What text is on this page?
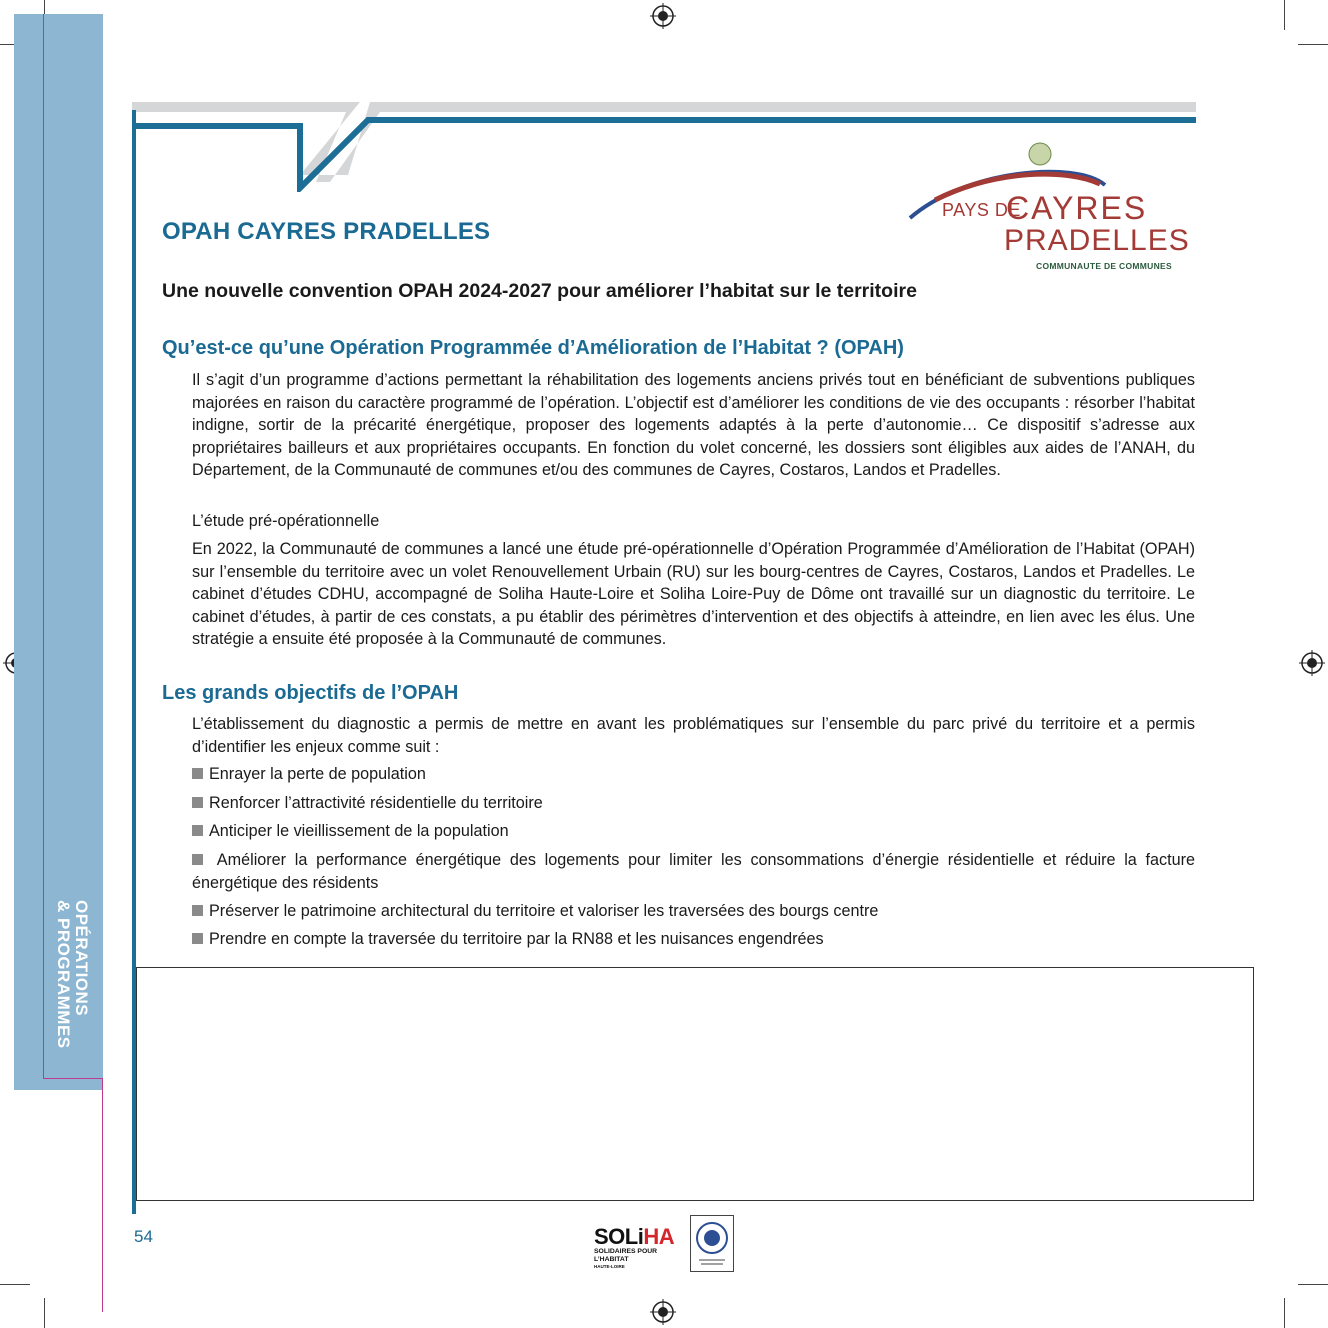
OPÉRATIONS
& PROGRAMMES
PAYS DE
CAYRES
PRADELLES
COMMUNAUTE DE COMMUNES
OPAH CAYRES PRADELLES
Une nouvelle convention OPAH 2024-2027 pour améliorer l’habitat sur le territoire
Qu’est-ce qu’une Opération Programmée d’Amélioration de l’Habitat ? (OPAH)
Il s’agit d’un programme d’actions permettant la réhabilitation des logements anciens privés tout en bénéficiant de subventions publiques majorées en raison du caractère programmé de l’opération. L’objectif est d’améliorer les conditions de vie des occupants : résorber l’habitat indigne, sortir de la précarité énergétique, proposer des logements adaptés à la perte d’autonomie… Ce dispositif s’adresse aux propriétaires bailleurs et aux propriétaires occupants. En fonction du volet concerné, les dossiers sont éligibles aux aides de l’ANAH, du Département, de la Communauté de communes et/ou des communes de Cayres, Costaros, Landos et Pradelles.
L’étude pré-opérationnelle
En 2022, la Communauté de communes a lancé une étude pré-opérationnelle d’Opération Programmée d’Amélioration de l’Habitat (OPAH) sur l’ensemble du territoire avec un volet Renouvellement Urbain (RU) sur les bourg-centres de Cayres, Costaros, Landos et Pradelles. Le cabinet d’études CDHU, accompagné de Soliha Haute-Loire et Soliha Loire-Puy de Dôme ont travaillé sur un diagnostic du territoire. Le cabinet d’études, à partir de ces constats, a pu établir des périmètres d’intervention et des objectifs à atteindre, en lien avec les élus. Une stratégie a ensuite été proposée à la Communauté de communes.
Les grands objectifs de l’OPAH
L’établissement du diagnostic a permis de mettre en avant les problématiques sur l’ensemble du parc privé du territoire et a permis d’identifier les enjeux comme suit :
Enrayer la perte de population
Renforcer l’attractivité résidentielle du territoire
Anticiper le vieillissement de la population
Améliorer la performance énergétique des logements pour limiter les consommations d’énergie résidentielle et réduire la facture énergétique des résidents
Préserver le patrimoine architectural du territoire et valoriser les traversées des bourgs centre
Prendre en compte la traversée du territoire par la RN88 et les nuisances engendrées
54	SOLiHA
SOLIDAIRES POUR L’HABITAT
HAUTE-LOIRE
